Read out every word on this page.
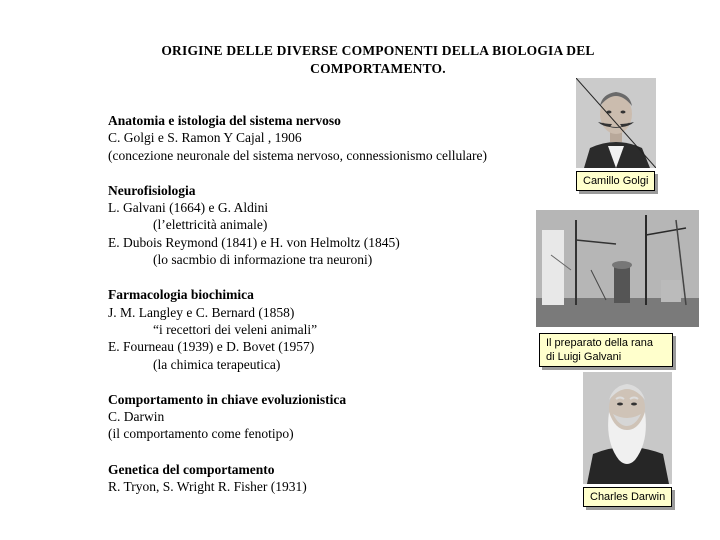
ORIGINE DELLE DIVERSE COMPONENTI DELLA BIOLOGIA DEL
COMPORTAMENTO.
Anatomia e istologia del sistema nervoso
C. Golgi e S. Ramon Y Cajal , 1906
(concezione neuronale del sistema nervoso, connessionismo cellulare)
Neurofisiologia
L. Galvani (1664) e G. Aldini
(l’elettricità animale)
E. Dubois Reymond (1841) e H. von Helmoltz (1845)
(lo sacmbio di informazione tra neuroni)
Farmacologia biochimica
J. M. Langley e C. Bernard (1858)
“i recettori dei veleni animali”
E. Fourneau (1939) e D. Bovet (1957)
(la chimica terapeutica)
Comportamento in chiave evoluzionistica
C. Darwin
(il comportamento come fenotipo)
Genetica del comportamento
R. Tryon, S. Wright R. Fisher (1931)
Camillo Golgi
Il preparato della rana
di Luigi Galvani
Charles Darwin
